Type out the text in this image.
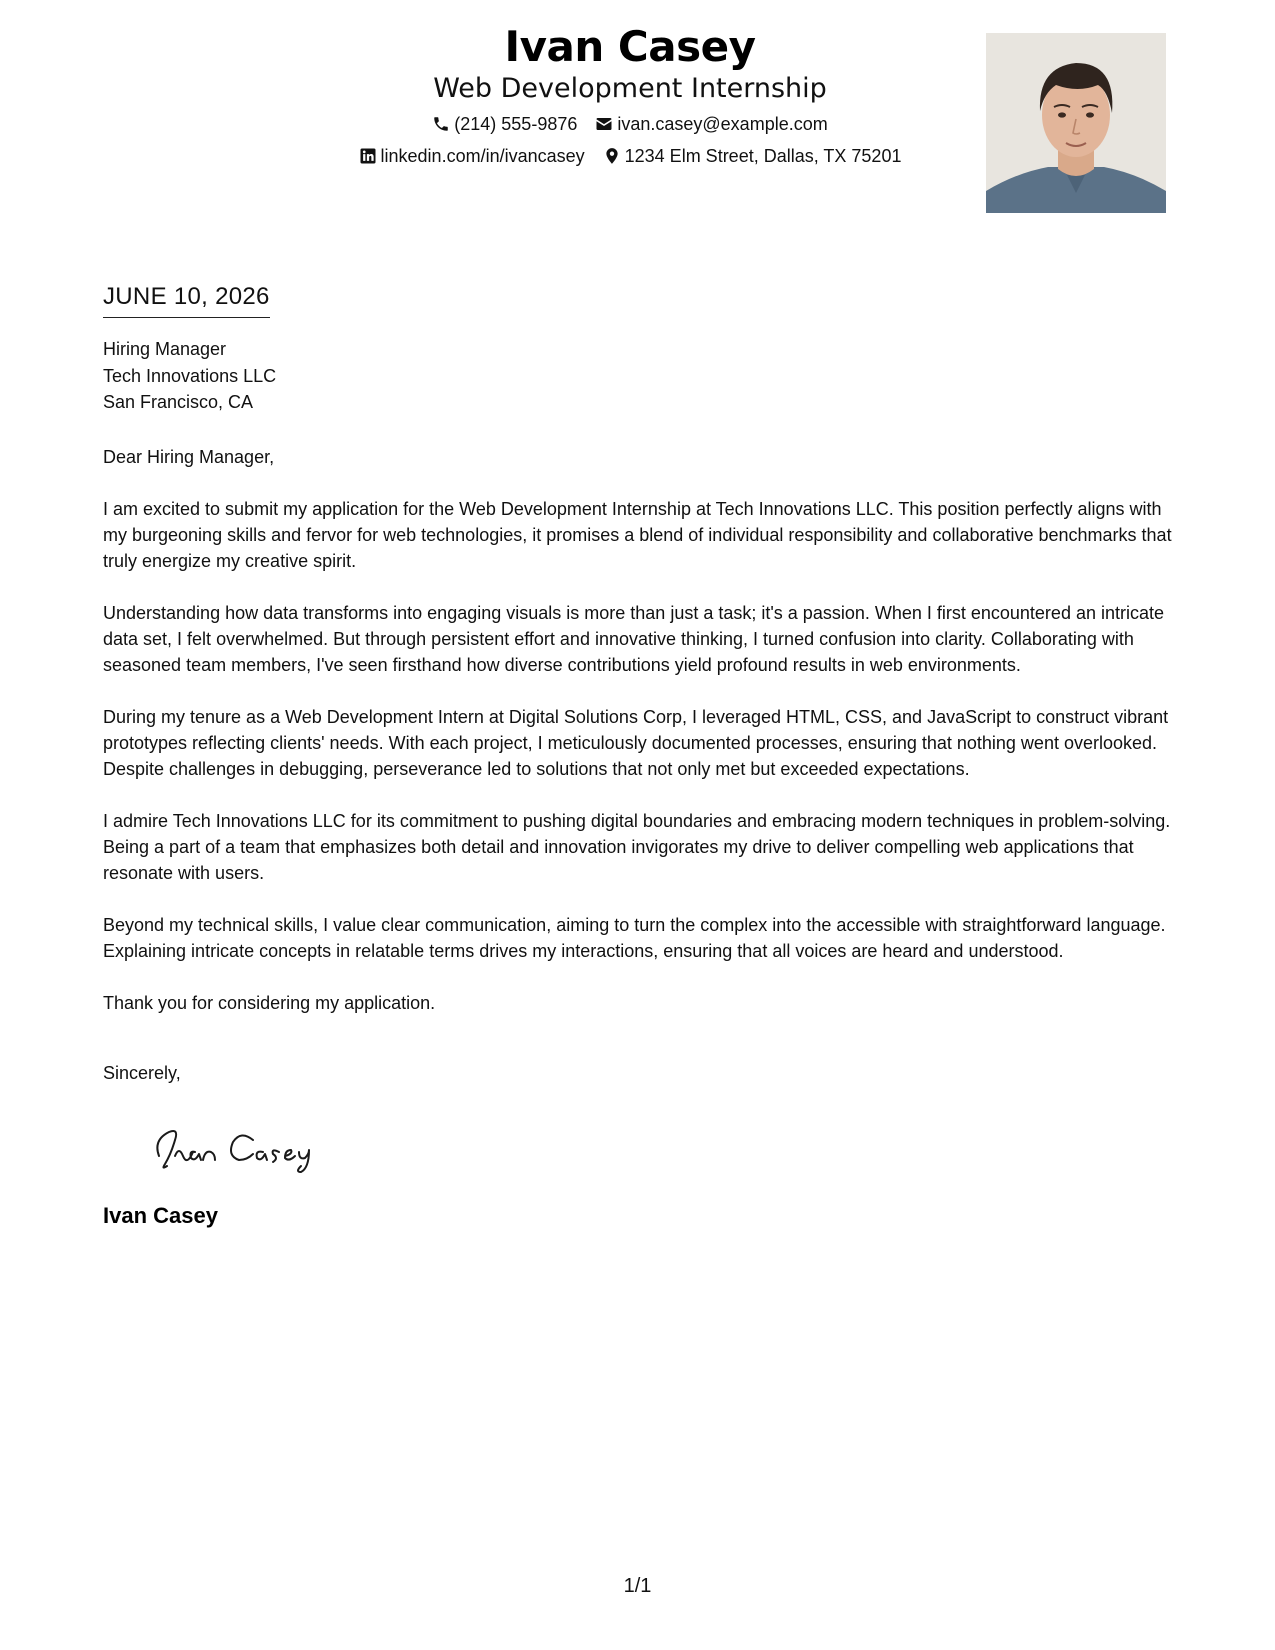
Ivan Casey
Web Development Internship
(214) 555-9876 ivan.casey@example.com
linkedin.com/in/ivancasey 1234 Elm Street, Dallas, TX 75201
JUNE 10, 2026
Hiring Manager
Tech Innovations LLC
San Francisco, CA
Dear Hiring Manager,

I am excited to submit my application for the Web Development Internship at Tech Innovations LLC. This position perfectly aligns with my burgeoning skills and fervor for web technologies, it promises a blend of individual responsibility and collaborative benchmarks that truly energize my creative spirit.

Understanding how data transforms into engaging visuals is more than just a task; it's a passion. When I first encountered an intricate data set, I felt overwhelmed. But through persistent effort and innovative thinking, I turned confusion into clarity. Collaborating with seasoned team members, I've seen firsthand how diverse contributions yield profound results in web environments.

During my tenure as a Web Development Intern at Digital Solutions Corp, I leveraged HTML, CSS, and JavaScript to construct vibrant prototypes reflecting clients' needs. With each project, I meticulously documented processes, ensuring that nothing went overlooked. Despite challenges in debugging, perseverance led to solutions that not only met but exceeded expectations.

I admire Tech Innovations LLC for its commitment to pushing digital boundaries and embracing modern techniques in problem-solving. Being a part of a team that emphasizes both detail and innovation invigorates my drive to deliver compelling web applications that resonate with users.

Beyond my technical skills, I value clear communication, aiming to turn the complex into the accessible with straightforward language. Explaining intricate concepts in relatable terms drives my interactions, ensuring that all voices are heard and understood.

Thank you for considering my application.

Sincerely,
Ivan Casey
1/1
